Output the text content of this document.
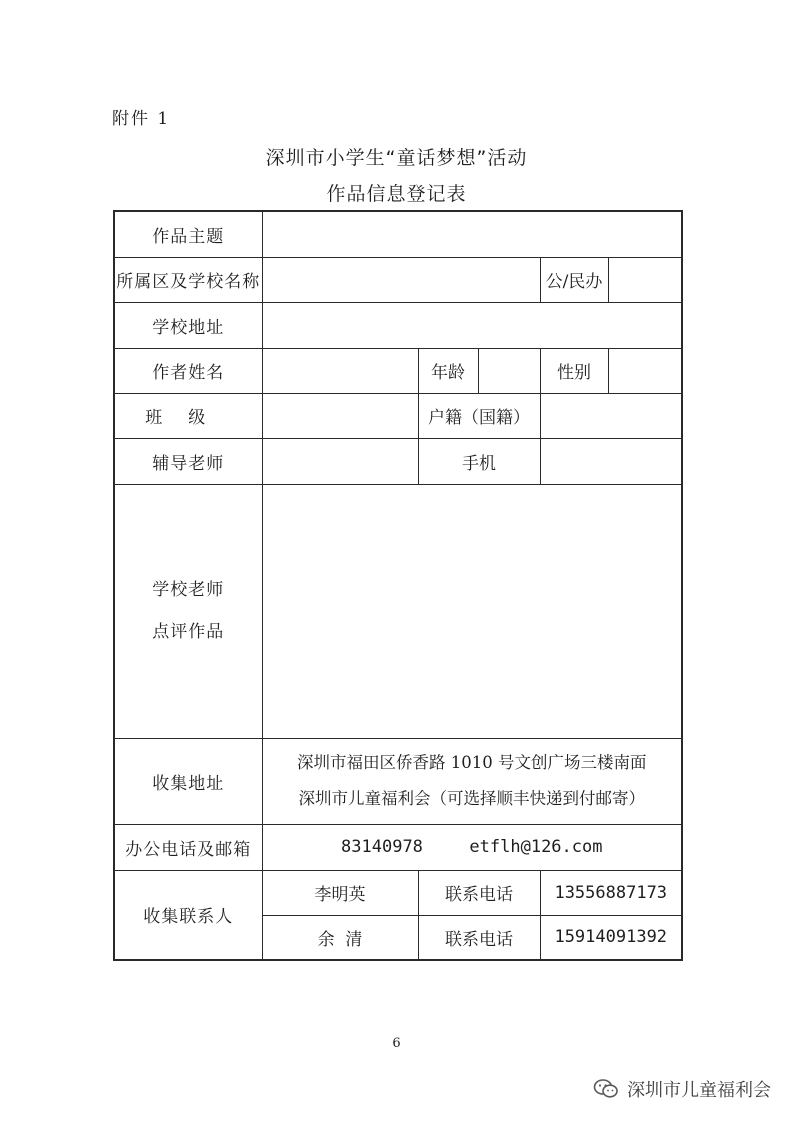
附件 1
深圳市小学生“童话梦想”活动
作品信息登记表
作品主题					
所属区及学校名称				公/民办	
学校地址					
作者姓名		年龄		性别	
班级		户籍（国籍）			
辅导老师		手机			

学校老师
点评作品					

收集地址	深圳市福田区侨香路 1010 号文创广场三楼南面
深圳市儿童福利会（可选择顺丰快递到付邮寄）				

办公电话及邮箱	83140978 etflh@126.com				
收集联系人	李明英	联系电话		13556887173	
	余  清	联系电话		15914091392	
6
深圳市儿童福利会
